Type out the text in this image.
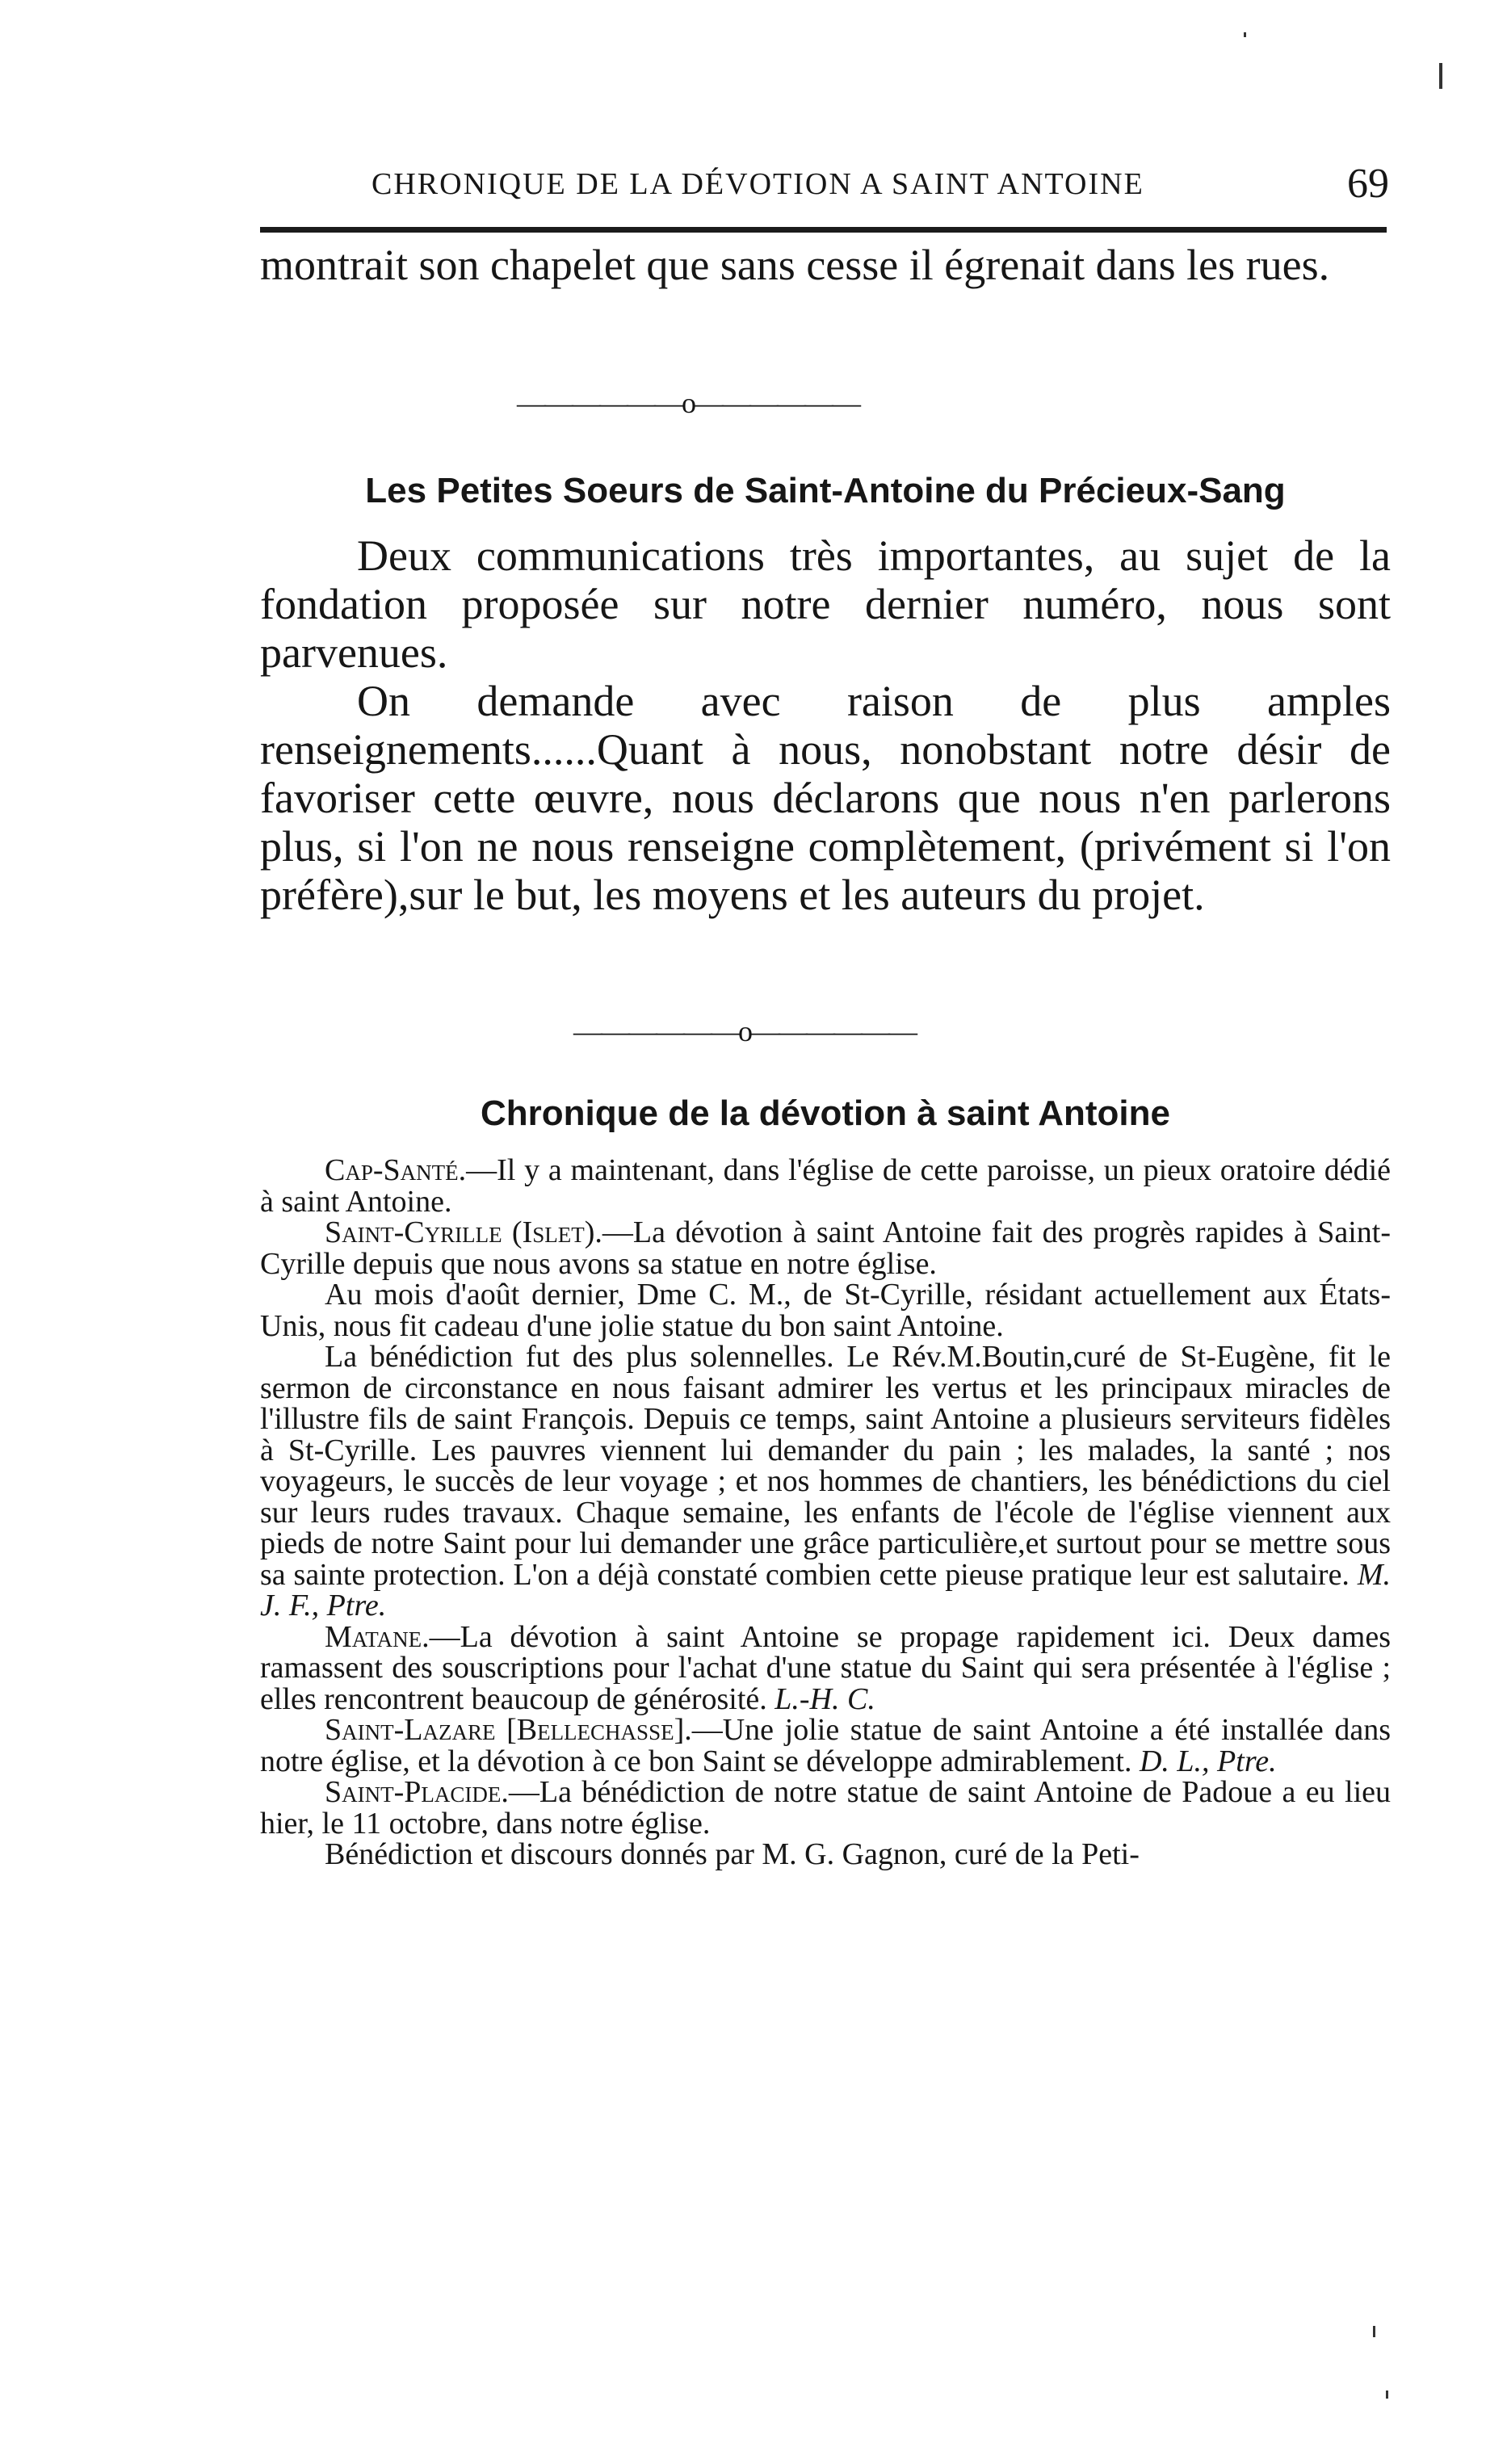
CHRONIQUE DE LA DÉVOTION A SAINT ANTOINE	69

montrait son chapelet que sans cesse il égrenait dans les rues.

——————o——————
Les Petites Soeurs de Saint-Antoine du Précieux-Sang

Deux communications très importantes, au sujet de la fondation proposée sur notre dernier numéro, nous sont parvenues.

On demande avec raison de plus amples renseignements......Quant à nous, nonobstant notre désir de favoriser cette œuvre, nous déclarons que nous n'en parlerons plus, si l'on ne nous renseigne complètement, (privément si l'on préfère),sur le but, les moyens et les auteurs du projet.

——————o——————
Chronique de la dévotion à saint Antoine

Cap-Santé.—Il y a maintenant, dans l'église de cette paroisse, un pieux oratoire dédié à saint Antoine.

Saint-Cyrille (Islet).—La dévotion à saint Antoine fait des progrès rapides à Saint-Cyrille depuis que nous avons sa statue en notre église.

Au mois d'août dernier, Dme C. M., de St-Cyrille, résidant actuellement aux États-Unis, nous fit cadeau d'une jolie statue du bon saint Antoine.

La bénédiction fut des plus solennelles. Le Rév.M.Boutin,curé de St-Eugène, fit le sermon de circonstance en nous faisant admirer les vertus et les principaux miracles de l'illustre fils de saint François. Depuis ce temps, saint Antoine a plusieurs serviteurs fidèles à St-Cyrille. Les pauvres viennent lui demander du pain ; les malades, la santé ; nos voyageurs, le succès de leur voyage ; et nos hommes de chantiers, les bénédictions du ciel sur leurs rudes travaux. Chaque semaine, les enfants de l'école de l'église viennent aux pieds de notre Saint pour lui demander une grâce particulière,et surtout pour se mettre sous sa sainte protection. L'on a déjà constaté combien cette pieuse pratique leur est salutaire. M. J. F., Ptre.

Matane.—La dévotion à saint Antoine se propage rapidement ici. Deux dames ramassent des souscriptions pour l'achat d'une statue du Saint qui sera présentée à l'église ; elles rencontrent beaucoup de générosité. L.-H. C.

Saint-Lazare [Bellechasse].—Une jolie statue de saint Antoine a été installée dans notre église, et la dévotion à ce bon Saint se développe admirablement. D. L., Ptre.

Saint-Placide.—La bénédiction de notre statue de saint Antoine de Padoue a eu lieu hier, le 11 octobre, dans notre église.

Bénédiction et discours donnés par M. G. Gagnon, curé de la Peti-
